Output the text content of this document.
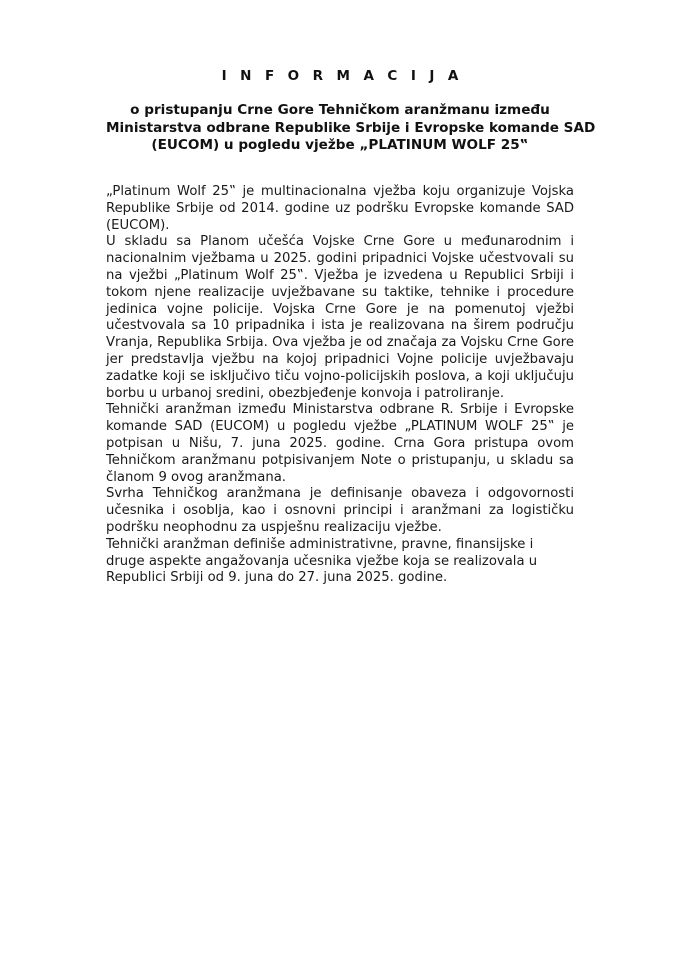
I N F O R M A C I J A
o pristupanju Crne Gore Tehničkom aranžmanu između
Ministarstva odbrane Republike Srbije i Evropske komande SAD
(EUCOM) u pogledu vježbe „PLATINUM WOLF 25‟

„Platinum Wolf 25‟ je multinacionalna vježba koju organizuje Vojska Republike Srbije od 2014. godine uz podršku Evropske komande SAD (EUCOM).

U skladu sa Planom učešća Vojske Crne Gore u međunarodnim i nacionalnim vježbama u 2025. godini pripadnici Vojske učestvovali su na vježbi „Platinum Wolf 25‟. Vježba je izvedena u Republici Srbiji i tokom njene realizacije uvježbavane su taktike, tehnike i procedure jedinica vojne policije. Vojska Crne Gore je na pomenutoj vježbi učestvovala sa 10 pripadnika i ista je realizovana na širem području Vranja, Republika Srbija. Ova vježba je od značaja za Vojsku Crne Gore jer predstavlja vježbu na kojoj pripadnici Vojne policije uvježbavaju zadatke koji se isključivo tiču vojno-policijskih poslova, a koji uključuju borbu u urbanoj sredini, obezbjeđenje konvoja i patroliranje.

Tehnički aranžman između Ministarstva odbrane R. Srbije i Evropske komande SAD (EUCOM) u pogledu vježbe „PLATINUM WOLF 25‟ je potpisan u Nišu, 7. juna 2025. godine. Crna Gora pristupa ovom Tehničkom aranžmanu potpisivanjem Note o pristupanju, u skladu sa članom 9 ovog aranžmana.

Svrha Tehničkog aranžmana je definisanje obaveza i odgovornosti učesnika i osoblja, kao i osnovni principi i aranžmani za logističku podršku neophodnu za uspješnu realizaciju vježbe.

Tehnički aranžman definiše administrativne, pravne, finansijske i druge aspekte angažovanja učesnika vježbe koja se realizovala u Republici Srbiji od 9. juna do 27. juna 2025. godine.
